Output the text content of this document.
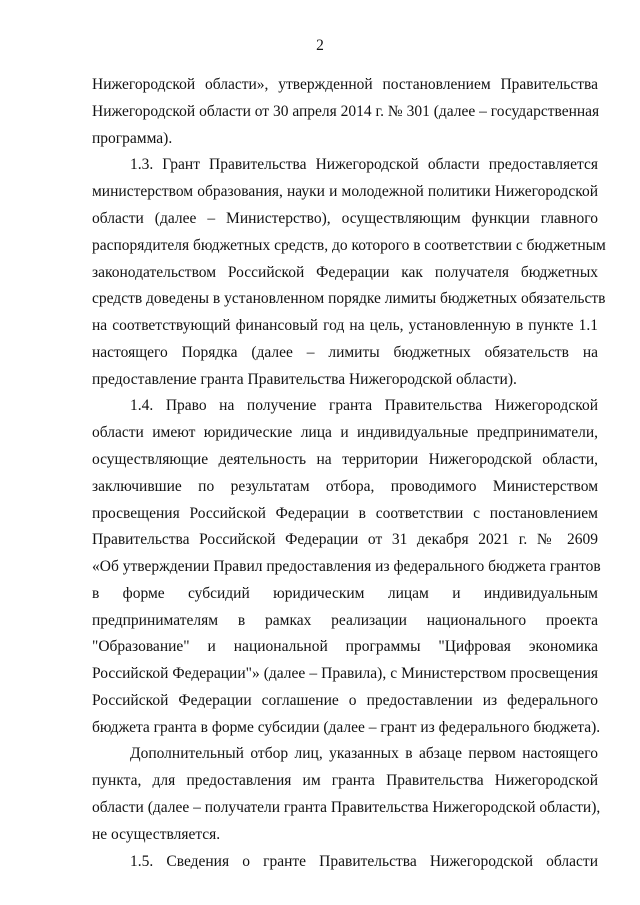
2
Нижегородской области», утвержденной постановлением Правительства
Нижегородской области от 30 апреля 2014 г. № 301 (далее – государственная
программа).
1.3. Грант Правительства Нижегородской области предоставляется
министерством образования, науки и молодежной политики Нижегородской
области (далее – Министерство), осуществляющим функции главного
распорядителя бюджетных средств, до которого в соответствии с бюджетным
законодательством Российской Федерации как получателя бюджетных
средств доведены в установленном порядке лимиты бюджетных обязательств
на соответствующий финансовый год на цель, установленную в пункте 1.1
настоящего Порядка (далее – лимиты бюджетных обязательств на
предоставление гранта Правительства Нижегородской области).
1.4. Право на получение гранта Правительства Нижегородской
области имеют юридические лица и индивидуальные предприниматели,
осуществляющие деятельность на территории Нижегородской области,
заключившие по результатам отбора, проводимого Министерством
просвещения Российской Федерации в соответствии с постановлением
Правительства Российской Федерации от 31 декабря 2021 г. № 2609
«Об утверждении Правил предоставления из федерального бюджета грантов
в форме субсидий юридическим лицам и индивидуальным
предпринимателям в рамках реализации национального проекта
"Образование" и национальной программы "Цифровая экономика
Российской Федерации"» (далее – Правила), с Министерством просвещения
Российской Федерации соглашение о предоставлении из федерального
бюджета гранта в форме субсидии (далее – грант из федерального бюджета).
Дополнительный отбор лиц, указанных в абзаце первом настоящего
пункта, для предоставления им гранта Правительства Нижегородской
области (далее – получатели гранта Правительства Нижегородской области),
не осуществляется.
1.5. Сведения о гранте Правительства Нижегородской области
